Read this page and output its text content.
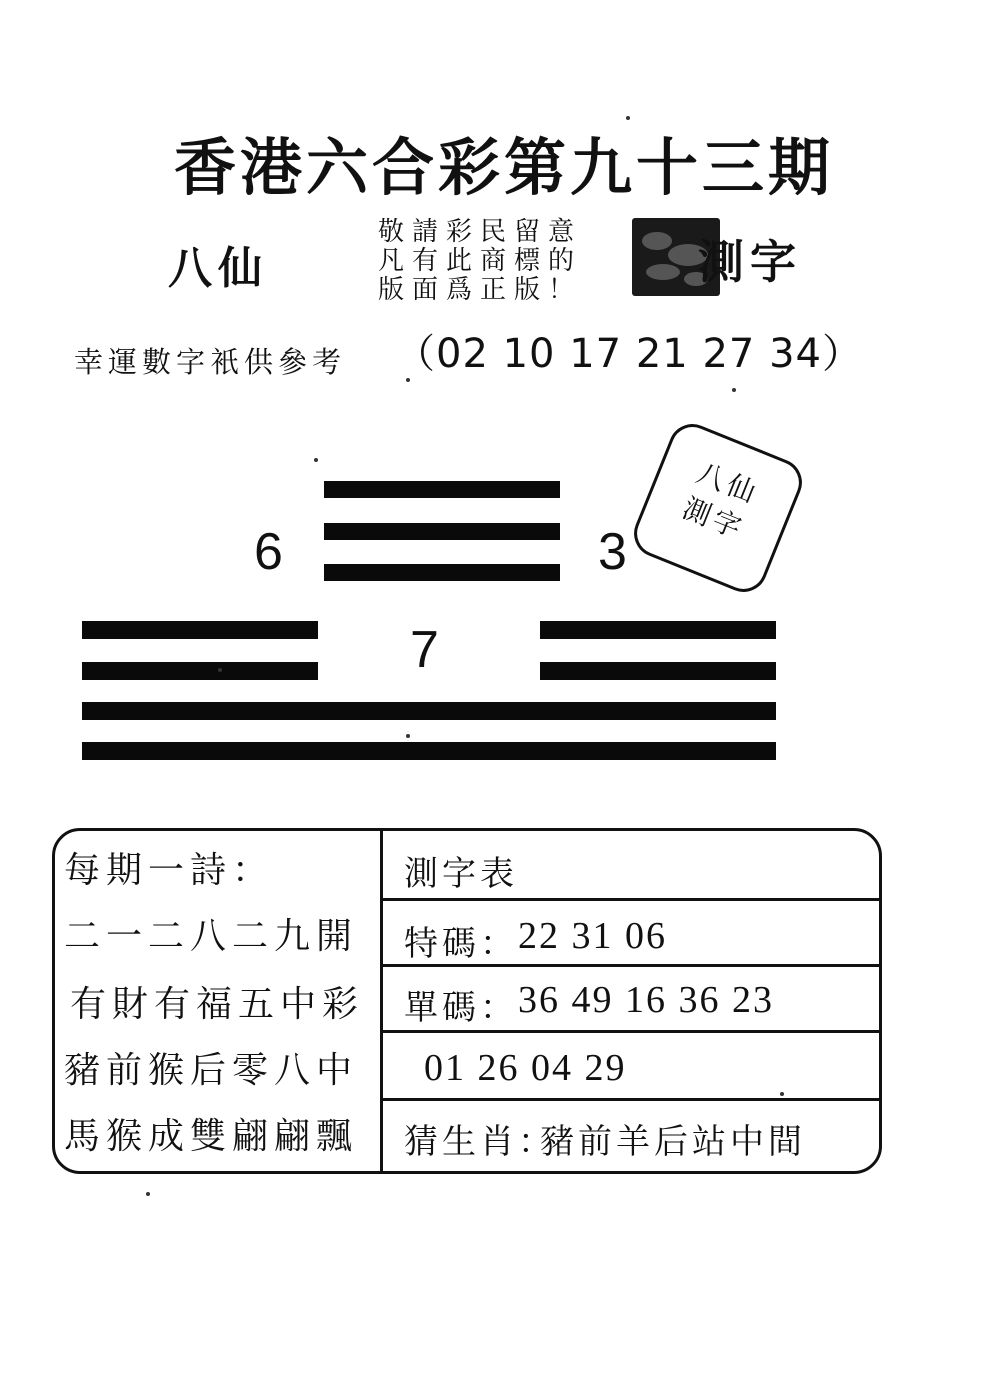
香港六合彩第九十三期
八仙
敬請彩民留意
凡有此商標的
版面爲正版！
測字
幸運數字衹供參考 （02 10 17 21 27 34）
6	3
7
八仙
測字
每期一詩：
二一二八二九開
有財有福五中彩
豬前猴后零八中
馬猴成雙翩翩飄
測字表
特碼： 22 31 06
單碼： 36 49 16 36 23
01 26 04 29
猜生肖：
豬前羊后站中間
